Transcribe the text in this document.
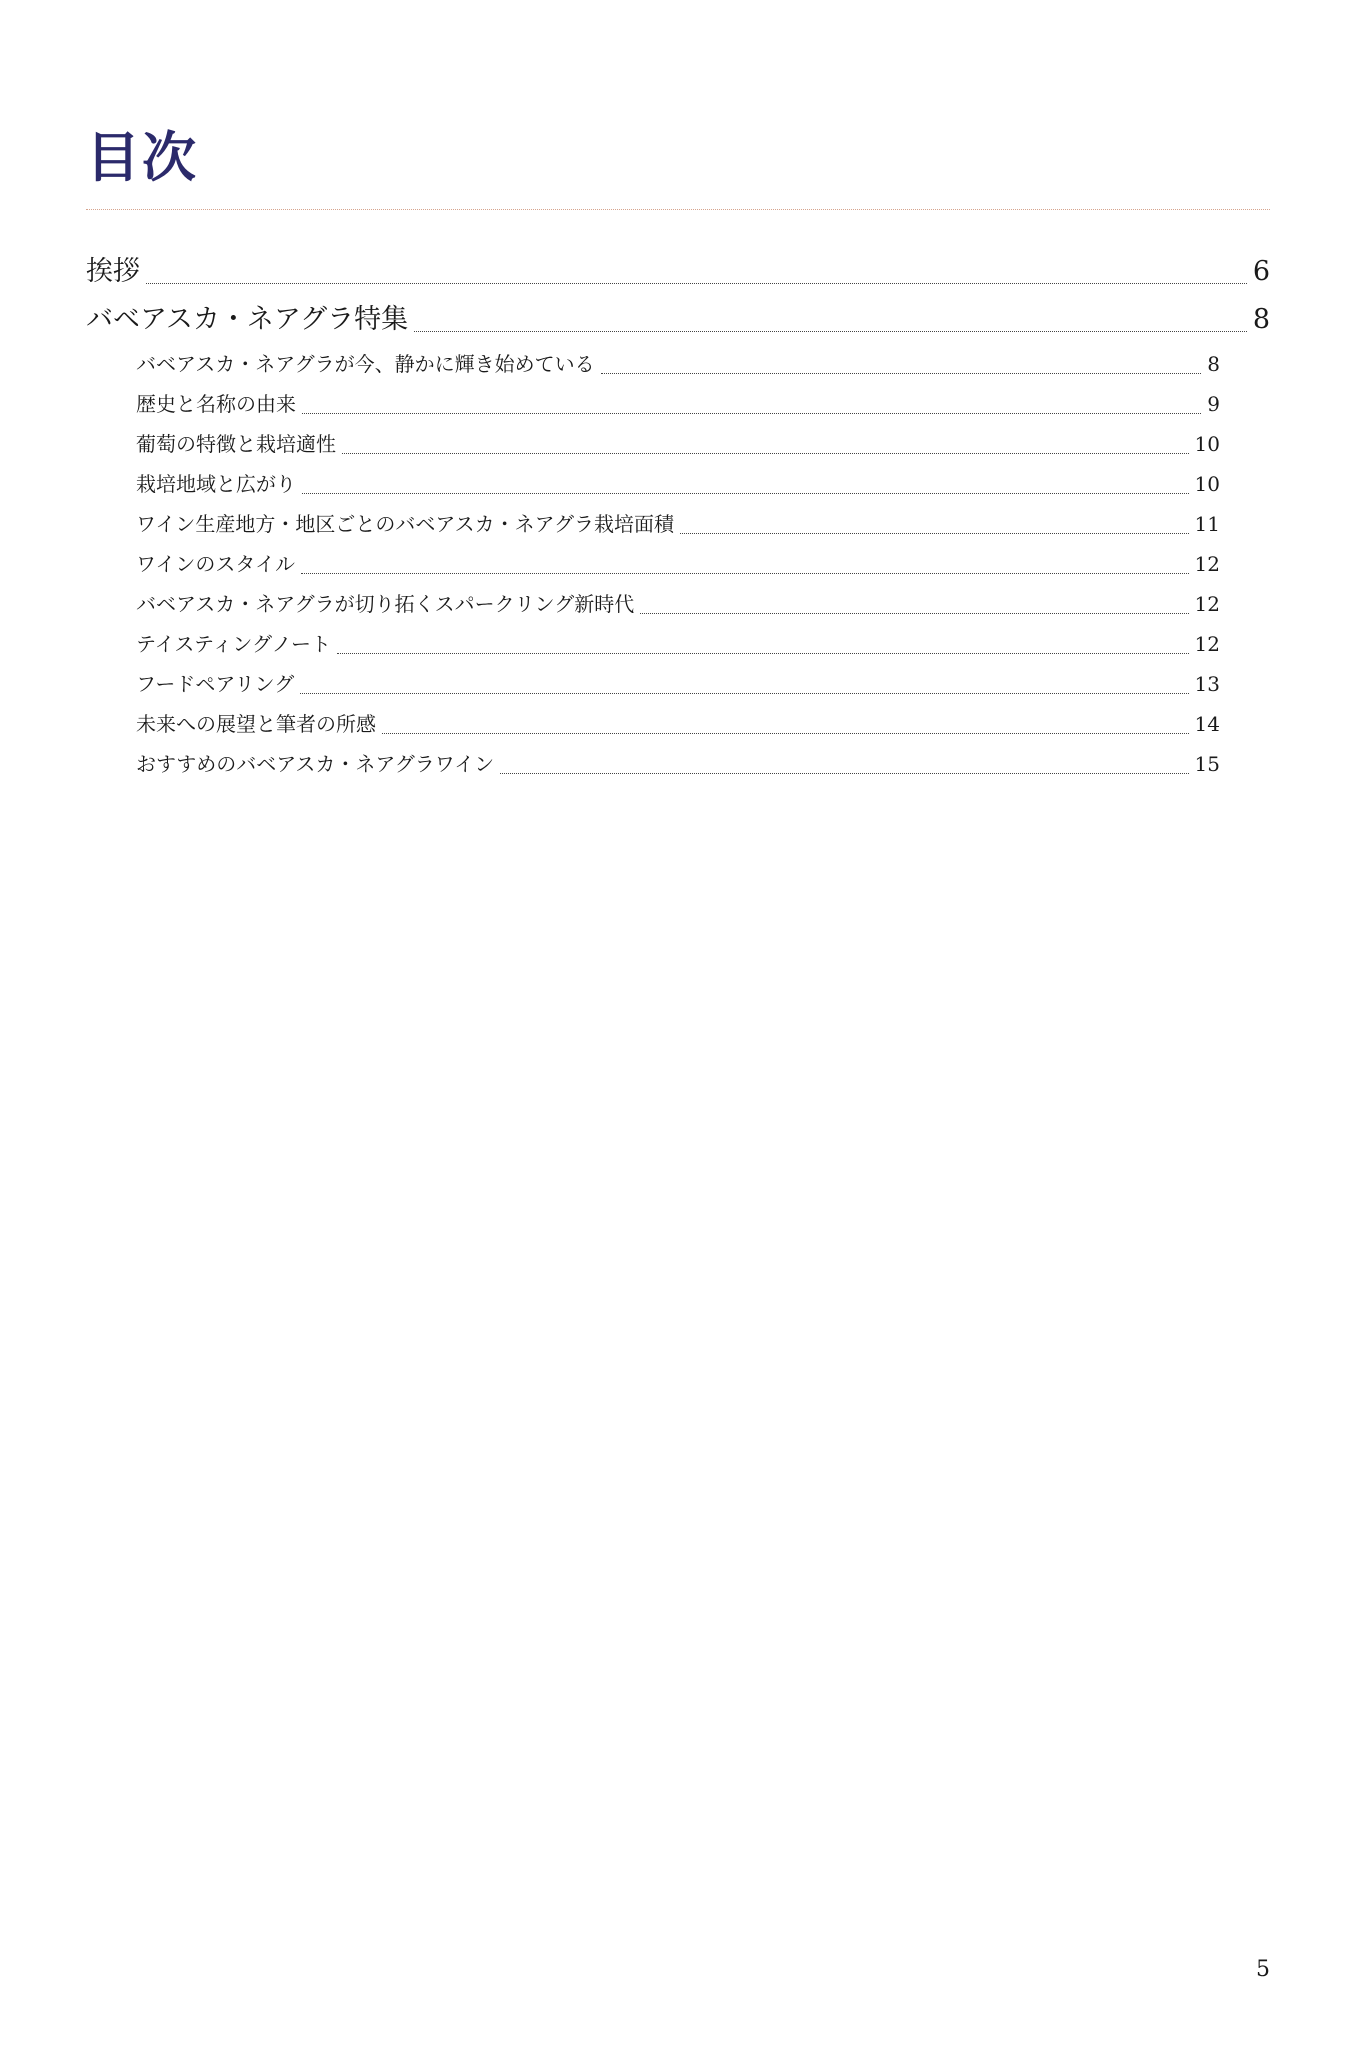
目次
挨拶	6
バベアスカ・ネアグラ特集	8
バベアスカ・ネアグラが今、静かに輝き始めている	8
歴史と名称の由来	9
葡萄の特徴と栽培適性	10
栽培地域と広がり	10
ワイン生産地方・地区ごとのバベアスカ・ネアグラ栽培面積	11
ワインのスタイル	12
バベアスカ・ネアグラが切り拓くスパークリング新時代	12
テイスティングノート	12
フードペアリング	13
未来への展望と筆者の所感	14
おすすめのバベアスカ・ネアグラワイン	15
5
